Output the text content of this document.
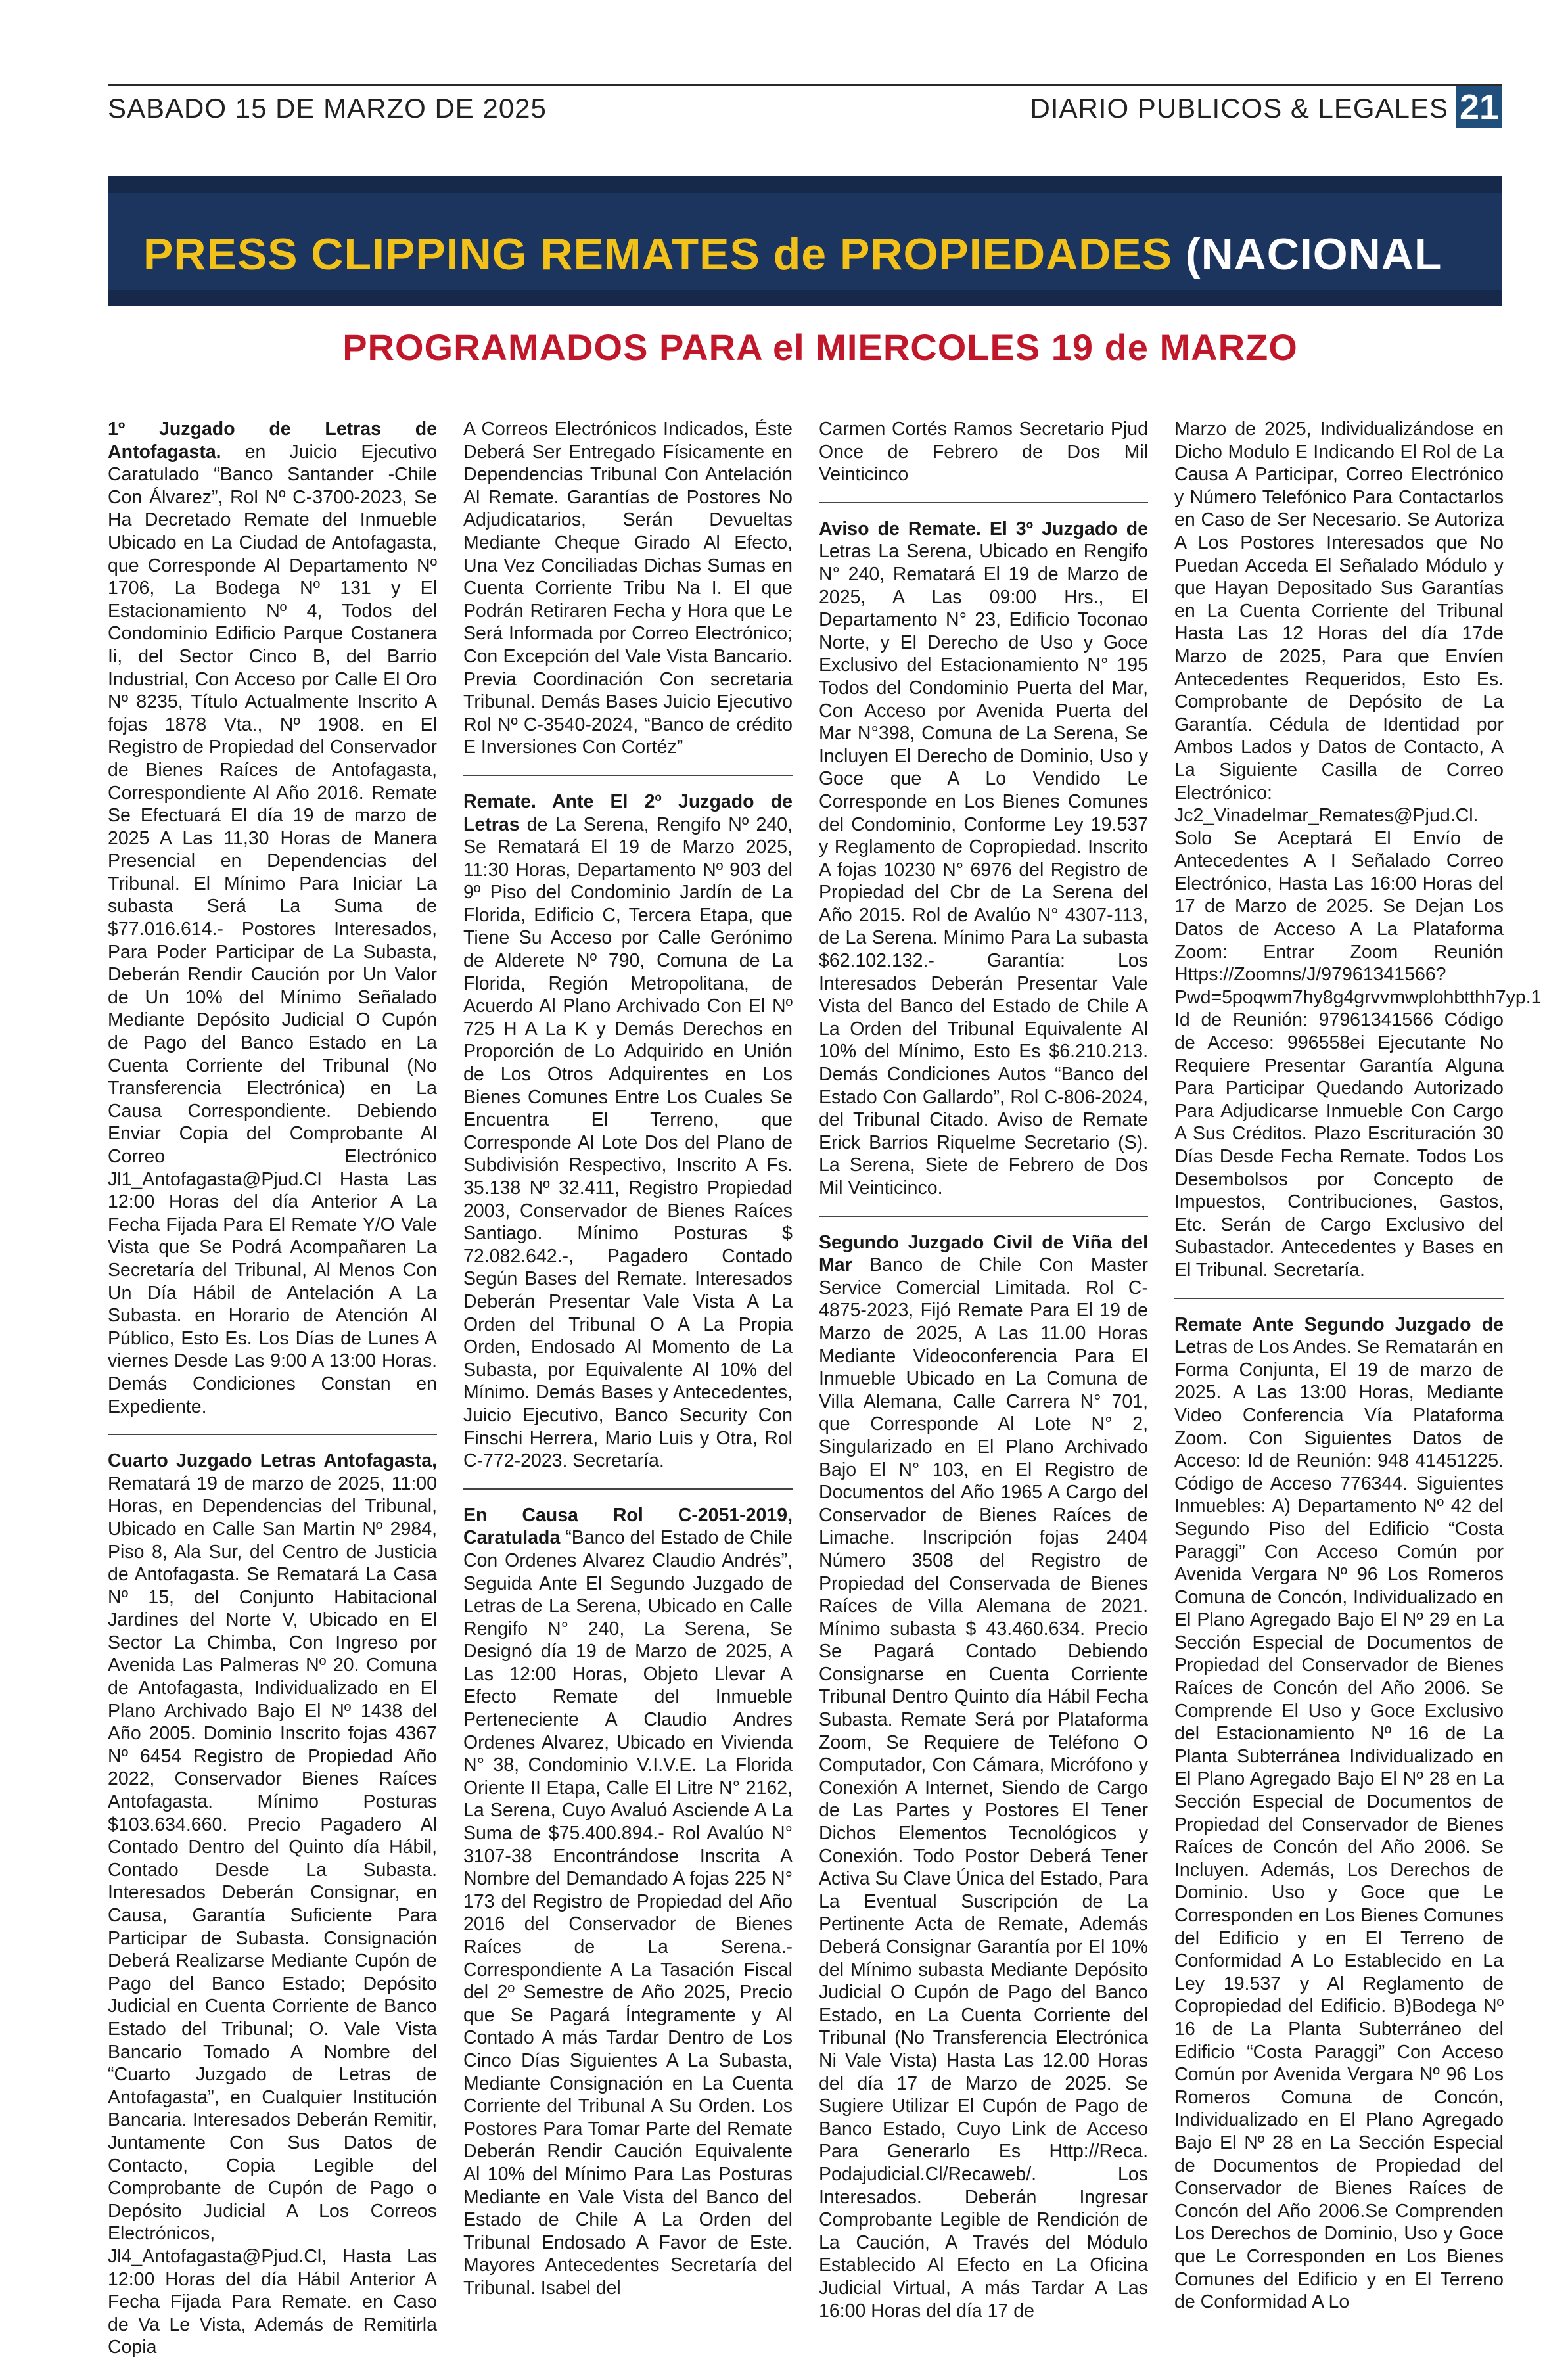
SABADO 15 DE MARZO DE 2025	DIARIO PUBLICOS & LEGALES 21
PRESS CLIPPING REMATES de PROPIEDADES (NACIONAL
PROGRAMADOS PARA el MIERCOLES 19 de MARZO

1º Juzgado de Letras de Antofagasta. en Juicio Ejecutivo Caratulado “Banco Santander -Chile Con Álvarez”, Rol Nº C-3700-2023, Se Ha Decretado Remate del Inmueble Ubicado en La Ciudad de Antofagasta, que Corresponde Al Departamento Nº 1706, La Bodega Nº 131 y El Estacionamiento Nº 4, Todos del Condominio Edificio Parque Costanera Ii, del Sector Cinco B, del Barrio Industrial, Con Acceso por Calle El Oro Nº 8235, Título Actualmente Inscrito A fojas 1878 Vta., Nº 1908. en El Registro de Propiedad del Conservador de Bienes Raíces de Antofagasta, Correspondiente Al Año 2016. Remate Se Efectuará El día 19 de marzo de 2025 A Las 11,30 Horas de Manera Presencial en Dependencias del Tribunal. El Mínimo Para Iniciar La subasta Será La Suma de $77.016.614.- Postores Interesados, Para Poder Participar de La Subasta, Deberán Rendir Caución por Un Valor de Un 10% del Mínimo Señalado Mediante Depósito Judicial O Cupón de Pago del Banco Estado en La Cuenta Corriente del Tribunal (No Transferencia Electrónica) en La Causa Correspondiente. Debiendo Enviar Copia del Comprobante Al Correo Electrónico Jl1_Antofagasta@Pjud.Cl Hasta Las 12:00 Horas del día Anterior A La Fecha Fijada Para El Remate Y/O Vale Vista que Se Podrá Acompañaren La Secretaría del Tribunal, Al Menos Con Un Día Hábil de Antelación A La Subasta. en Horario de Atención Al Público, Esto Es. Los Días de Lunes A viernes Desde Las 9:00 A 13:00 Horas. Demás Condiciones Constan en Expediente.

Cuarto Juzgado Letras Antofagasta, Rematará 19 de marzo de 2025, 11:00 Horas, en Dependencias del Tribunal, Ubicado en Calle San Martin Nº 2984, Piso 8, Ala Sur, del Centro de Justicia de Antofagasta. Se Rematará La Casa Nº 15, del Conjunto Habitacional Jardines del Norte V, Ubicado en El Sector La Chimba, Con Ingreso por Avenida Las Palmeras Nº 20. Comuna de Antofagasta, Individualizado en El Plano Archivado Bajo El Nº 1438 del Año 2005. Dominio Inscrito fojas 4367 Nº 6454 Registro de Propiedad Año 2022, Conservador Bienes Raíces Antofagasta. Mínimo Posturas $103.634.660. Precio Pagadero Al Contado Dentro del Quinto día Hábil, Contado Desde La Subasta. Interesados Deberán Consignar, en Causa, Garantía Suficiente Para Participar de Subasta. Consignación Deberá Realizarse Mediante Cupón de Pago del Banco Estado; Depósito Judicial en Cuenta Corriente de Banco Estado del Tribunal; O. Vale Vista Bancario Tomado A Nombre del “Cuarto Juzgado de Letras de Antofagasta”, en Cualquier Institución Bancaria. Interesados Deberán Remitir, Juntamente Con Sus Datos de Contacto, Copia Legible del Comprobante de Cupón de Pago o Depósito Judicial A Los Correos Electrónicos, Jl4_Antofagasta@Pjud.Cl, Hasta Las 12:00 Horas del día Hábil Anterior A Fecha Fijada Para Remate. en Caso de Va Le Vista, Además de Remitirla Copia

A Correos Electrónicos Indicados, Éste Deberá Ser Entregado Físicamente en Dependencias Tribunal Con Antelación Al Remate. Garantías de Postores No Adjudicatarios, Serán Devueltas Mediante Cheque Girado Al Efecto, Una Vez Conciliadas Dichas Sumas en Cuenta Corriente Tribu Na I. El que Podrán Retiraren Fecha y Hora que Le Será Informada por Correo Electrónico; Con Excepción del Vale Vista Bancario. Previa Coordinación Con secretaria Tribunal. Demás Bases Juicio Ejecutivo Rol Nº C-3540-2024, “Banco de crédito E Inversiones Con Cortéz”

Remate. Ante El 2º Juzgado de Letras de La Serena, Rengifo Nº 240, Se Rematará El 19 de Marzo 2025, 11:30 Horas, Departamento Nº 903 del 9º Piso del Condominio Jardín de La Florida, Edificio C, Tercera Etapa, que Tiene Su Acceso por Calle Gerónimo de Alderete Nº 790, Comuna de La Florida, Región Metropolitana, de Acuerdo Al Plano Archivado Con El Nº 725 H A La K y Demás Derechos en Proporción de Lo Adquirido en Unión de Los Otros Adquirentes en Los Bienes Comunes Entre Los Cuales Se Encuentra El Terreno, que Corresponde Al Lote Dos del Plano de Subdivisión Respectivo, Inscrito A Fs. 35.138 Nº 32.411, Registro Propiedad 2003, Conservador de Bienes Raíces Santiago. Mínimo Posturas $ 72.082.642.-, Pagadero Contado Según Bases del Remate. Interesados Deberán Presentar Vale Vista A La Orden del Tribunal O A La Propia Orden, Endosado Al Momento de La Subasta, por Equivalente Al 10% del Mínimo. Demás Bases y Antecedentes, Juicio Ejecutivo, Banco Security Con Finschi Herrera, Mario Luis y Otra, Rol C-772-2023. Secretaría.

En Causa Rol C-2051-2019, Caratulada “Banco del Estado de Chile Con Ordenes Alvarez Claudio Andrés”, Seguida Ante El Segundo Juzgado de Letras de La Serena, Ubicado en Calle Rengifo N° 240, La Serena, Se Designó día 19 de Marzo de 2025, A Las 12:00 Horas, Objeto Llevar A Efecto Remate del Inmueble Perteneciente A Claudio Andres Ordenes Alvarez, Ubicado en Vivienda N° 38, Condominio V.I.V.E. La Florida Oriente II Etapa, Calle El Litre N° 2162, La Serena, Cuyo Avaluó Asciende A La Suma de $75.400.894.- Rol Avalúo N° 3107-38 Encontrándose Inscrita A Nombre del Demandado A fojas 225 N° 173 del Registro de Propiedad del Año 2016 del Conservador de Bienes Raíces de La Serena.- Correspondiente A La Tasación Fiscal del 2º Semestre de Año 2025, Precio que Se Pagará Íntegramente y Al Contado A más Tardar Dentro de Los Cinco Días Siguientes A La Subasta, Mediante Consignación en La Cuenta Corriente del Tribunal A Su Orden. Los Postores Para Tomar Parte del Remate Deberán Rendir Caución Equivalente Al 10% del Mínimo Para Las Posturas Mediante en Vale Vista del Banco del Estado de Chile A La Orden del Tribunal Endosado A Favor de Este. Mayores Antecedentes Secretaría del Tribunal. Isabel del

Carmen Cortés Ramos Secretario Pjud Once de Febrero de Dos Mil Veinticinco

Aviso de Remate. El 3º Juzgado de Letras La Serena, Ubicado en Rengifo N° 240, Rematará El 19 de Marzo de 2025, A Las 09:00 Hrs., El Departamento N° 23, Edificio Toconao Norte, y El Derecho de Uso y Goce Exclusivo del Estacionamiento N° 195 Todos del Condominio Puerta del Mar, Con Acceso por Avenida Puerta del Mar N°398, Comuna de La Serena, Se Incluyen El Derecho de Dominio, Uso y Goce que A Lo Vendido Le Corresponde en Los Bienes Comunes del Condominio, Conforme Ley 19.537 y Reglamento de Copropiedad. Inscrito A fojas 10230 N° 6976 del Registro de Propiedad del Cbr de La Serena del Año 2015. Rol de Avalúo N° 4307-113, de La Serena. Mínimo Para La subasta $62.102.132.- Garantía: Los Interesados Deberán Presentar Vale Vista del Banco del Estado de Chile A La Orden del Tribunal Equivalente Al 10% del Mínimo, Esto Es $6.210.213. Demás Condiciones Autos “Banco del Estado Con Gallardo”, Rol C-806-2024, del Tribunal Citado. Aviso de Remate Erick Barrios Riquelme Secretario (S). La Serena, Siete de Febrero de Dos Mil Veinticinco.

Segundo Juzgado Civil de Viña del Mar Banco de Chile Con Master Service Comercial Limitada. Rol C-4875-2023, Fijó Remate Para El 19 de Marzo de 2025, A Las 11.00 Horas Mediante Videoconferencia Para El Inmueble Ubicado en La Comuna de Villa Alemana, Calle Carrera N° 701, que Corresponde Al Lote N° 2, Singularizado en El Plano Archivado Bajo El N° 103, en El Registro de Documentos del Año 1965 A Cargo del Conservador de Bienes Raíces de Limache. Inscripción fojas 2404 Número 3508 del Registro de Propiedad del Conservada de Bienes Raíces de Villa Alemana de 2021. Mínimo subasta $ 43.460.634. Precio Se Pagará Contado Debiendo Consignarse en Cuenta Corriente Tribunal Dentro Quinto día Hábil Fecha Subasta. Remate Será por Plataforma Zoom, Se Requiere de Teléfono O Computador, Con Cámara, Micrófono y Conexión A Internet, Siendo de Cargo de Las Partes y Postores El Tener Dichos Elementos Tecnológicos y Conexión. Todo Postor Deberá Tener Activa Su Clave Única del Estado, Para La Eventual Suscripción de La Pertinente Acta de Remate, Además Deberá Consignar Garantía por El 10% del Mínimo subasta Mediante Depósito Judicial O Cupón de Pago del Banco Estado, en La Cuenta Corriente del Tribunal (No Transferencia Electrónica Ni Vale Vista) Hasta Las 12.00 Horas del día 17 de Marzo de 2025. Se Sugiere Utilizar El Cupón de Pago de Banco Estado, Cuyo Link de Acceso Para Generarlo Es Http://Reca. Podajudicial.Cl/Recaweb/. Los Interesados. Deberán Ingresar Comprobante Legible de Rendición de La Caución, A Través del Módulo Establecido Al Efecto en La Oficina Judicial Virtual, A más Tardar A Las 16:00 Horas del día 17 de

Marzo de 2025, Individualizándose en Dicho Modulo E Indicando El Rol de La Causa A Participar, Correo Electrónico y Número Telefónico Para Contactarlos en Caso de Ser Necesario. Se Autoriza A Los Postores Interesados que No Puedan Acceda El Señalado Módulo y que Hayan Depositado Sus Garantías en La Cuenta Corriente del Tribunal Hasta Las 12 Horas del día 17de Marzo de 2025, Para que Envíen Antecedentes Requeridos, Esto Es. Comprobante de Depósito de La Garantía. Cédula de Identidad por Ambos Lados y Datos de Contacto, A La Siguiente Casilla de Correo Electrónico: Jc2_Vinadelmar_Remates@Pjud.Cl. Solo Se Aceptará El Envío de Antecedentes A I Señalado Correo Electrónico, Hasta Las 16:00 Horas del 17 de Marzo de 2025. Se Dejan Los Datos de Acceso A La Plataforma Zoom: Entrar Zoom Reunión Https://Zoomns/J/97961341566?Pwd=5poqwm7hy8g4grvvmwplohbtthh7yp.1 Id de Reunión: 97961341566 Código de Acceso: 996558ei Ejecutante No Requiere Presentar Garantía Alguna Para Participar Quedando Autorizado Para Adjudicarse Inmueble Con Cargo A Sus Créditos. Plazo Escrituración 30 Días Desde Fecha Remate. Todos Los Desembolsos por Concepto de Impuestos, Contribuciones, Gastos, Etc. Serán de Cargo Exclusivo del Subastador. Antecedentes y Bases en El Tribunal. Secretaría.

Remate Ante Segundo Juzgado de Letras de Los Andes. Se Rematarán en Forma Conjunta, El 19 de marzo de 2025. A Las 13:00 Horas, Mediante Video Conferencia Vía Plataforma Zoom. Con Siguientes Datos de Acceso: Id de Reunión: 948 41451225. Código de Acceso 776344. Siguientes Inmuebles: A) Departamento Nº 42 del Segundo Piso del Edificio “Costa Paraggi” Con Acceso Común por Avenida Vergara Nº 96 Los Romeros Comuna de Concón, Individualizado en El Plano Agregado Bajo El Nº 29 en La Sección Especial de Documentos de Propiedad del Conservador de Bienes Raíces de Concón del Año 2006. Se Comprende El Uso y Goce Exclusivo del Estacionamiento Nº 16 de La Planta Subterránea Individualizado en El Plano Agregado Bajo El Nº 28 en La Sección Especial de Documentos de Propiedad del Conservador de Bienes Raíces de Concón del Año 2006. Se Incluyen. Además, Los Derechos de Dominio. Uso y Goce que Le Corresponden en Los Bienes Comunes del Edificio y en El Terreno de Conformidad A Lo Establecido en La Ley 19.537 y Al Reglamento de Copropiedad del Edificio. B)Bodega Nº 16 de La Planta Subterráneo del Edificio “Costa Paraggi” Con Acceso Común por Avenida Vergara Nº 96 Los Romeros Comuna de Concón, Individualizado en El Plano Agregado Bajo El Nº 28 en La Sección Especial de Documentos de Propiedad del Conservador de Bienes Raíces de Concón del Año 2006.Se Comprenden Los Derechos de Dominio, Uso y Goce que Le Corresponden en Los Bienes Comunes del Edificio y en El Terreno de Conformidad A Lo
